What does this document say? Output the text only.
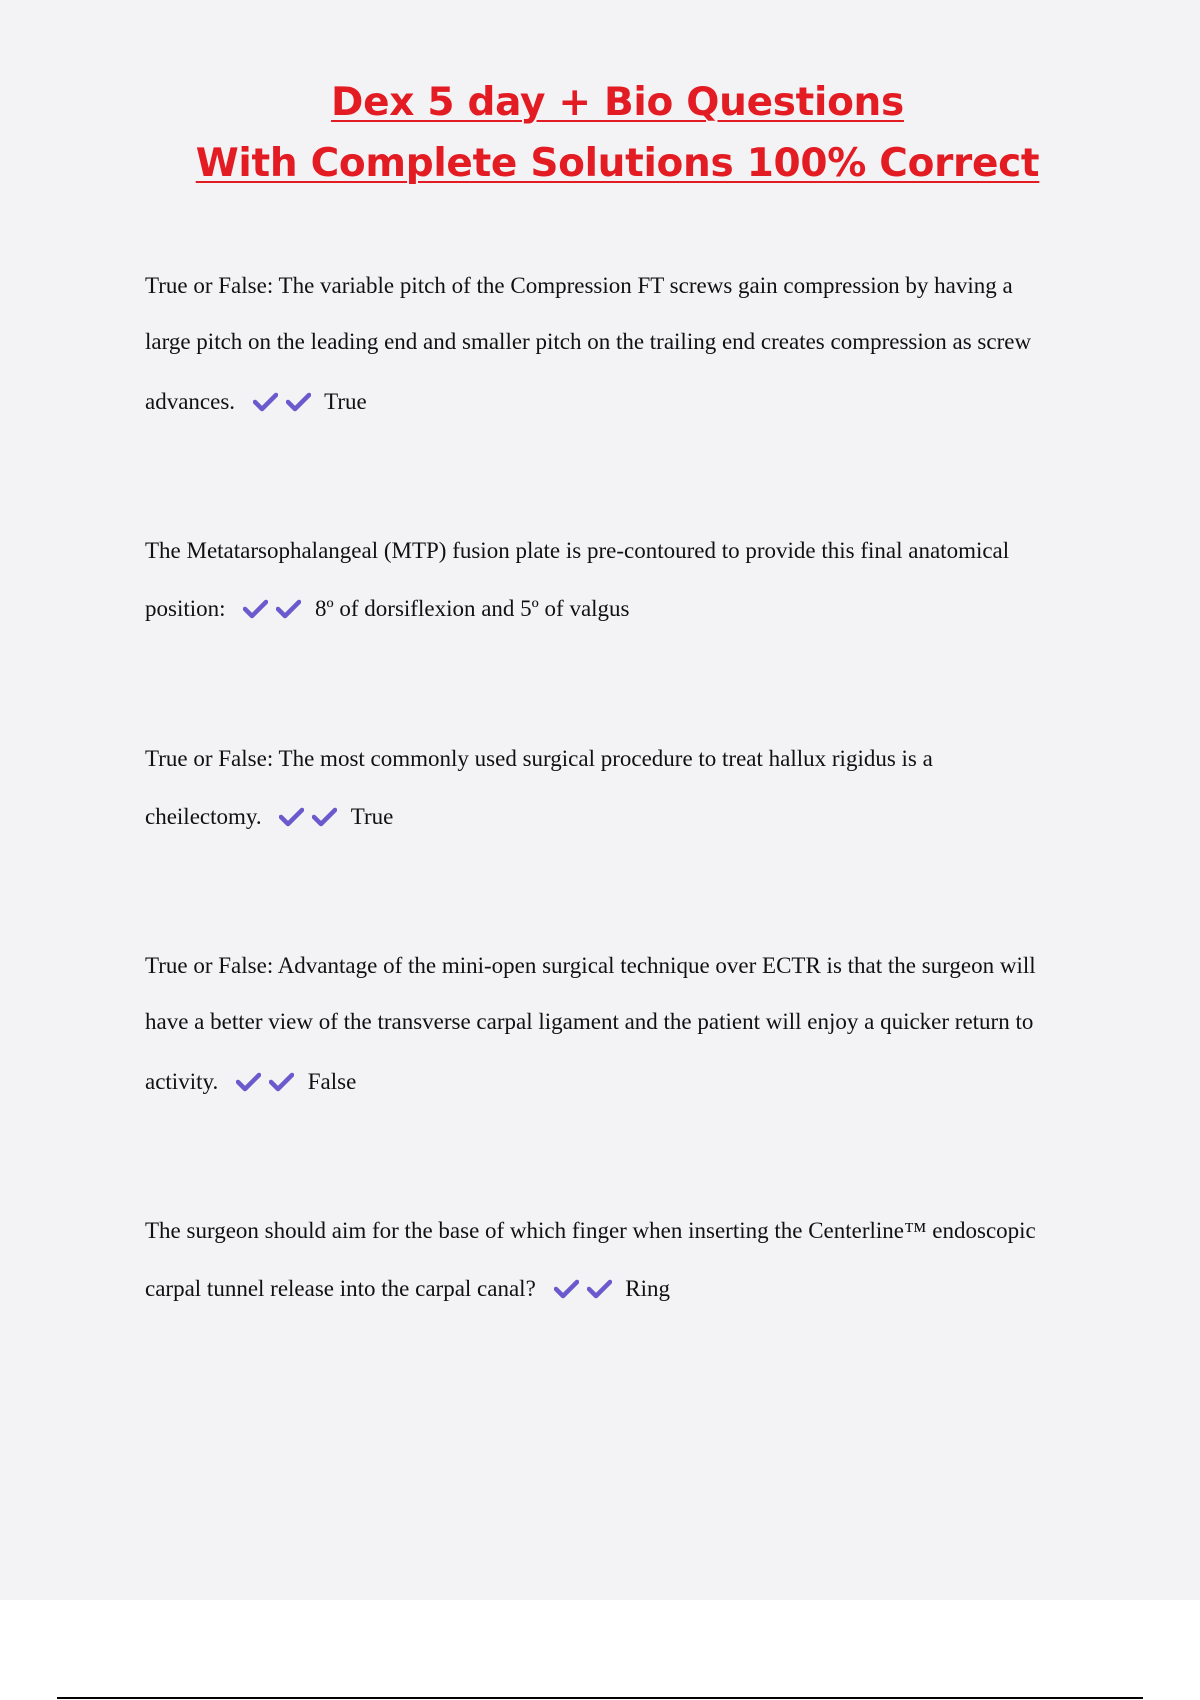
Dex 5 day + Bio Questions
With Complete Solutions 100% Correct

True or False: The variable pitch of the Compression FT screws gain compression by having a
large pitch on the leading end and smaller pitch on the trailing end creates compression as screw
advances.	True

The Metatarsophalangeal (MTP) fusion plate is pre-contoured to provide this final anatomical
position:	8º of dorsiflexion and 5º of valgus

True or False: The most commonly used surgical procedure to treat hallux rigidus is a
cheilectomy.	True

True or False: Advantage of the mini-open surgical technique over ECTR is that the surgeon will
have a better view of the transverse carpal ligament and the patient will enjoy a quicker return to
activity.	False

The surgeon should aim for the base of which finger when inserting the Centerline™ endoscopic
carpal tunnel release into the carpal canal?	Ring
